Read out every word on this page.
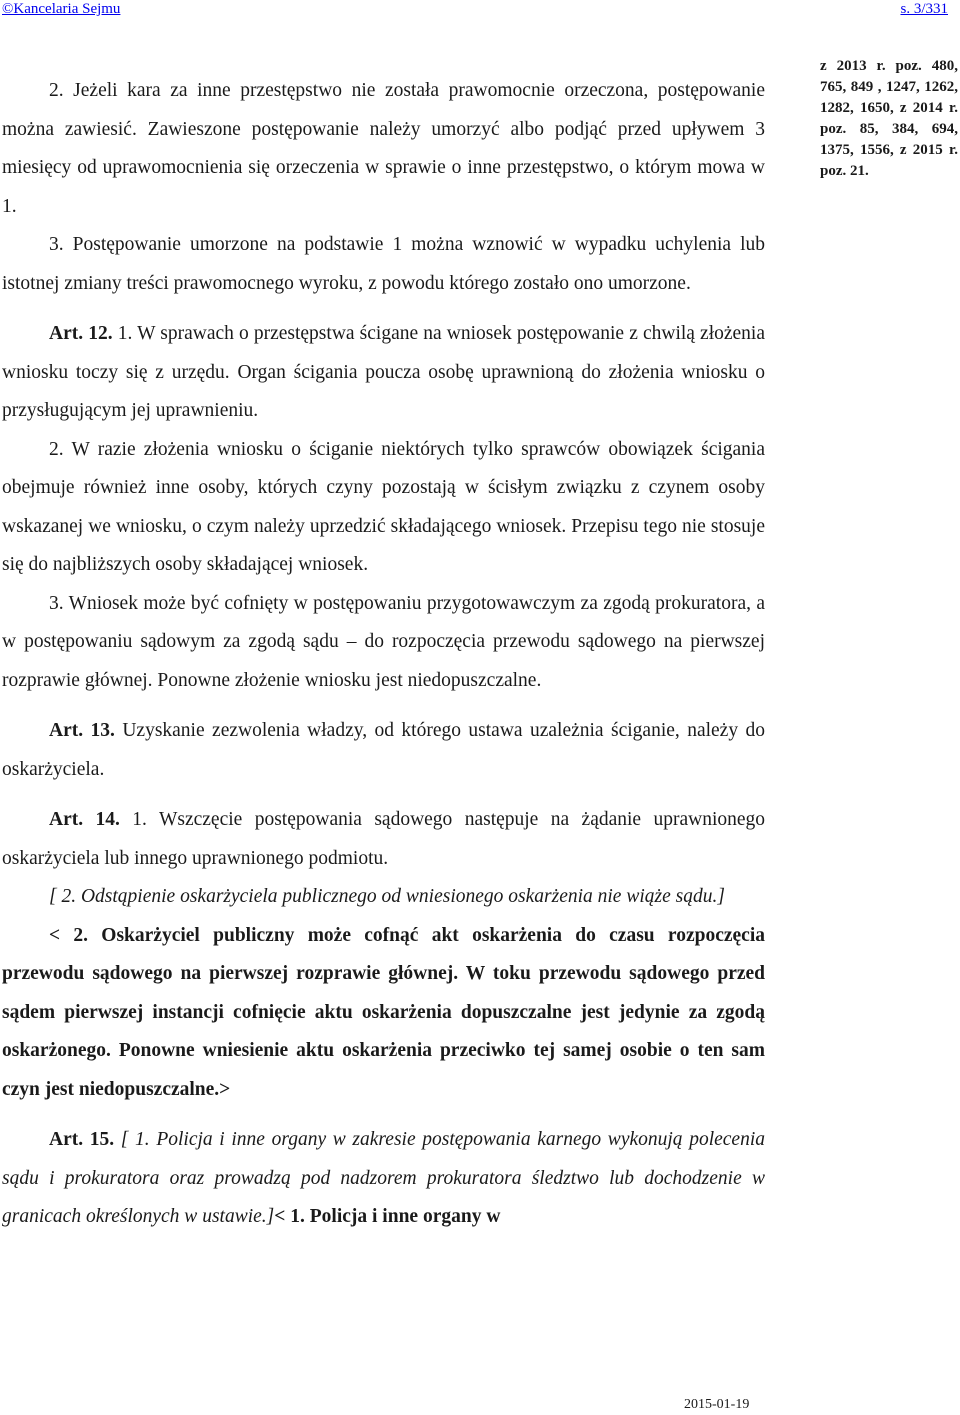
©Kancelaria Sejmu	s. 3/331

2. Jeżeli kara za inne przestępstwo nie została prawomocnie orzeczona, postępowanie można zawiesić. Zawieszone postępowanie należy umorzyć albo podjąć przed upływem 3 miesięcy od uprawomocnienia się orzeczenia w sprawie o inne przestępstwo, o którym mowa w 1.

3. Postępowanie umorzone na podstawie 1 można wznowić w wypadku uchylenia lub istotnej zmiany treści prawomocnego wyroku, z powodu którego zostało ono umorzone.

Art. 12. 1. W sprawach o przestępstwa ścigane na wniosek postępowanie z chwilą złożenia wniosku toczy się z urzędu. Organ ścigania poucza osobę uprawnioną do złożenia wniosku o przysługującym jej uprawnieniu.

2. W razie złożenia wniosku o ściganie niektórych tylko sprawców obowiązek ścigania obejmuje również inne osoby, których czyny pozostają w ścisłym związku z czynem osoby wskazanej we wniosku, o czym należy uprzedzić składającego wniosek. Przepisu tego nie stosuje się do najbliższych osoby składającej wniosek.

3. Wniosek może być cofnięty w postępowaniu przygotowawczym za zgodą prokuratora, a w postępowaniu sądowym za zgodą sądu – do rozpoczęcia przewodu sądowego na pierwszej rozprawie głównej. Ponowne złożenie wniosku jest niedopuszczalne.

Art. 13. Uzyskanie zezwolenia władzy, od którego ustawa uzależnia ściganie, należy do oskarżyciela.

Art. 14. 1. Wszczęcie postępowania sądowego następuje na żądanie uprawnionego oskarżyciela lub innego uprawnionego podmiotu.

[ 2. Odstąpienie oskarżyciela publicznego od wniesionego oskarżenia nie wiąże sądu.]

< 2. Oskarżyciel publiczny może cofnąć akt oskarżenia do czasu rozpoczęcia przewodu sądowego na pierwszej rozprawie głównej. W toku przewodu sądowego przed sądem pierwszej instancji cofnięcie aktu oskarżenia dopuszczalne jest jedynie za zgodą oskarżonego. Ponowne wniesienie aktu oskarżenia przeciwko tej samej osobie o ten sam czyn jest niedopuszczalne.>

Art. 15. [ 1. Policja i inne organy w zakresie postępowania karnego wykonują polecenia sądu i prokuratora oraz prowadzą pod nadzorem prokuratora śledztwo lub dochodzenie w granicach określonych w ustawie.]< 1. Policja i inne organy w

z 2013 r. poz. 480, 765, 849 , 1247, 1262, 1282, 1650, z 2014 r. poz. 85, 384, 694, 1375, 1556, z 2015 r. poz. 21.
2015-01-19
